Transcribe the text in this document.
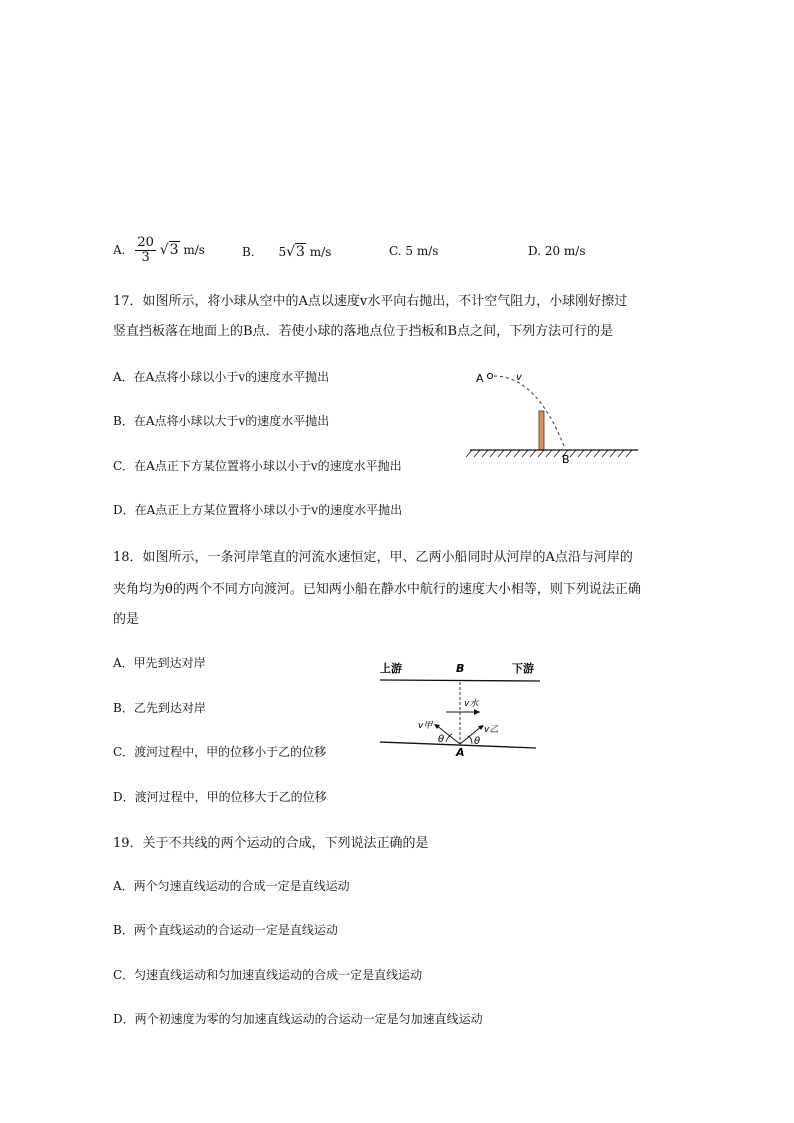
A. $\frac{20}{3} √3$ m/s	B. 5√3 m/s	C. 5 m/s	D. 20 m/s
17．如图所示，将小球从空中的A点以速度v水平向右抛出，不计空气阻力，小球刚好擦过
竖直挡板落在地面上的B点．若使小球的落地点位于挡板和B点之间，下列方法可行的是
A．在A点将小球以小于v的速度水平抛出
B．在A点将小球以大于v的速度水平抛出
C．在A点正下方某位置将小球以小于v的速度水平抛出
D．在A点正上方某位置将小球以小于v的速度水平抛出
A	v
B
18．如图所示，一条河岸笔直的河流水速恒定，甲、乙两小船同时从河岸的A点沿与河岸的
夹角均为θ的两个不同方向渡河。已知两小船在静水中航行的速度大小相等，则下列说法正确
的是
A．甲先到达对岸
B．乙先到达对岸
C．渡河过程中，甲的位移小于乙的位移
D．渡河过程中，甲的位移大于乙的位移
上游	B	下游
v水
v甲	v乙
θ	θ
A
19．关于不共线的两个运动的合成，下列说法正确的是
A．两个匀速直线运动的合成一定是直线运动
B．两个直线运动的合运动一定是直线运动
C．匀速直线运动和匀加速直线运动的合成一定是直线运动
D．两个初速度为零的匀加速直线运动的合运动一定是匀加速直线运动
